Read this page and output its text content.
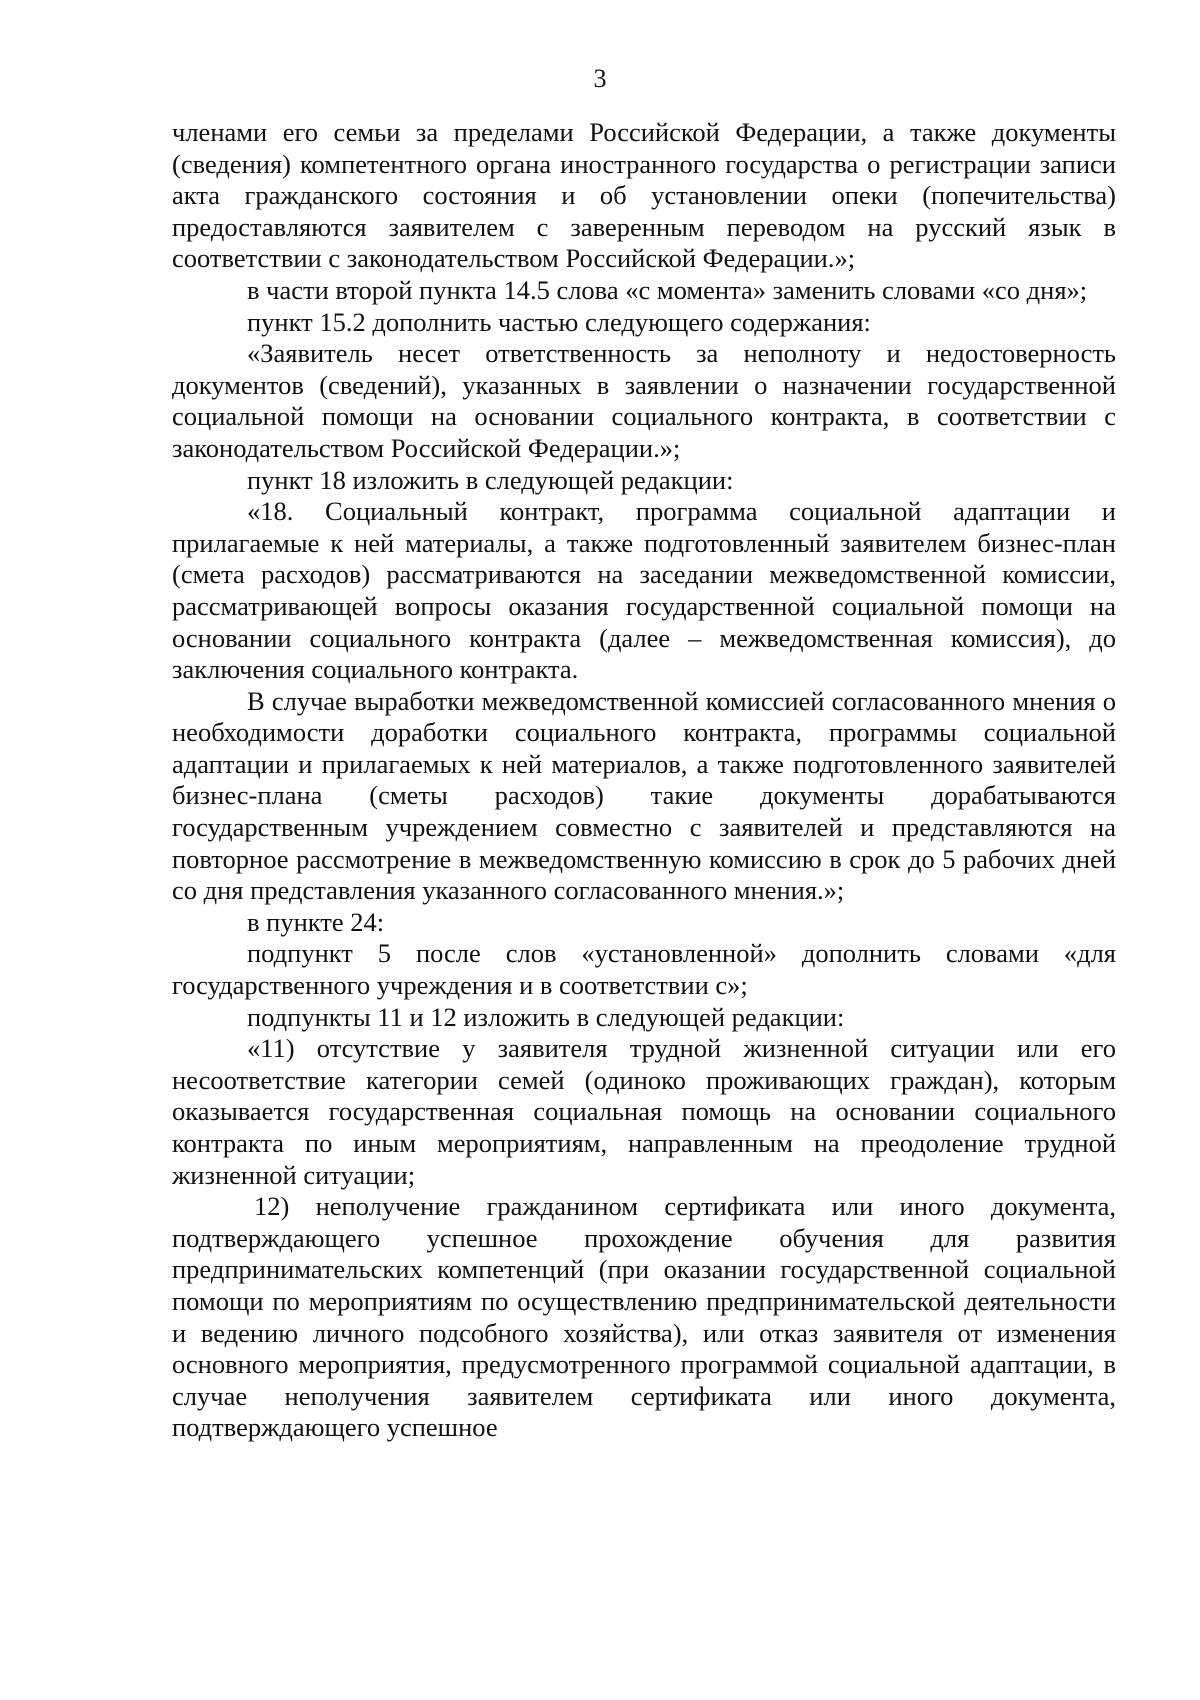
3

членами его семьи за пределами Российской Федерации, а также документы (сведения) компетентного органа иностранного государства о регистрации записи акта гражданского состояния и об установлении опеки (попечительства) предоставляются заявителем с заверенным переводом на русский язык в соответствии с законодательством Российской Федерации.»;

в части второй пункта 14.5 слова «с момента» заменить словами «со дня»;

пункт 15.2 дополнить частью следующего содержания:

«Заявитель несет ответственность за неполноту и недостоверность документов (сведений), указанных в заявлении о назначении государственной социальной помощи на основании социального контракта, в соответствии с законодательством Российской Федерации.»;

пункт 18 изложить в следующей редакции:

«18. Социальный контракт, программа социальной адаптации и прилагаемые к ней материалы, а также подготовленный заявителем бизнес-план (смета расходов) рассматриваются на заседании межведомственной комиссии, рассматривающей вопросы оказания государственной социальной помощи на основании социального контракта (далее – межведомственная комиссия), до заключения социального контракта.

В случае выработки межведомственной комиссией согласованного мнения о необходимости доработки социального контракта, программы социальной адаптации и прилагаемых к ней материалов, а также подготовленного заявителей бизнес-плана (сметы расходов) такие документы дорабатываются государственным учреждением совместно с заявителей и представляются на повторное рассмотрение в межведомственную комиссию в срок до 5 рабочих дней со дня представления указанного согласованного мнения.»;

в пункте 24:

подпункт 5 после слов «установленной» дополнить словами «для государственного учреждения и в соответствии с»;

подпункты 11 и 12 изложить в следующей редакции:

«11) отсутствие у заявителя трудной жизненной ситуации или его несоответствие категории семей (одиноко проживающих граждан), которым оказывается государственная социальная помощь на основании социального контракта по иным мероприятиям, направленным на преодоление трудной жизненной ситуации;

12) неполучение гражданином сертификата или иного документа, подтверждающего успешное прохождение обучения для развития предпринимательских компетенций (при оказании государственной социальной помощи по мероприятиям по осуществлению предпринимательской деятельности и ведению личного подсобного хозяйства), или отказ заявителя от изменения основного мероприятия, предусмотренного программой социальной адаптации, в случае неполучения заявителем сертификата или иного документа, подтверждающего успешное
